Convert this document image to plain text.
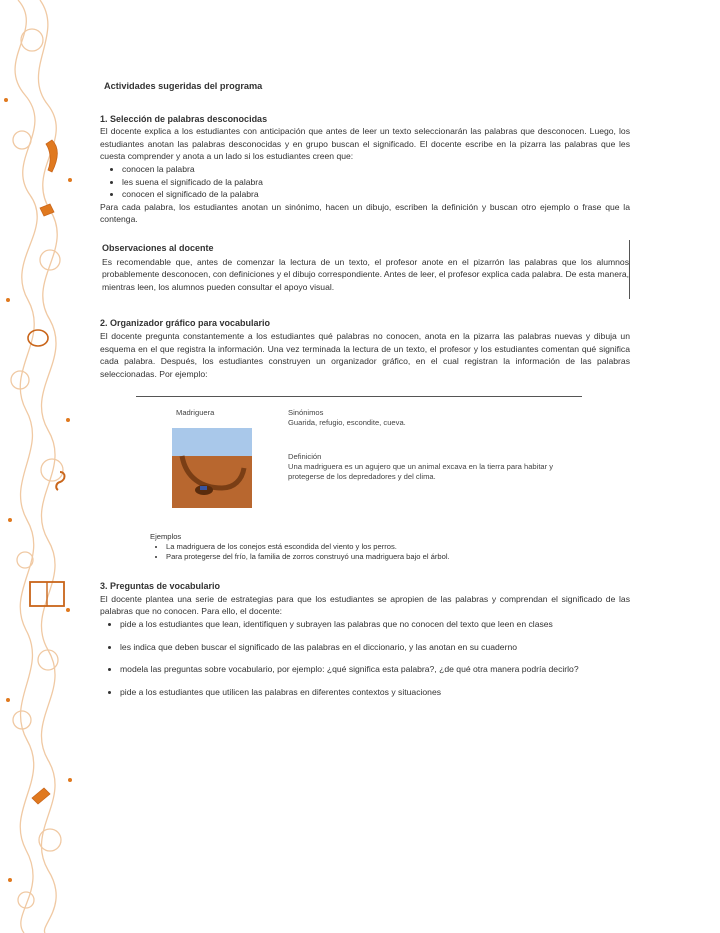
Actividades sugeridas del programa

1. Selección de palabras desconocidas

El docente explica a los estudiantes con anticipación que antes de leer un texto seleccionarán las palabras que desconocen. Luego, los estudiantes anotan las palabras desconocidas y en grupo buscan el significado. El docente escribe en la pizarra las palabras que les cuesta comprender y anota a un lado si los estudiantes creen que:

• conocen la palabra
• les suena el significado de la palabra
• conocen el significado de la palabra

Para cada palabra, los estudiantes anotan un sinónimo, hacen un dibujo, escriben la definición y buscan otro ejemplo o frase que la contenga.

Observaciones al docente

Es recomendable que, antes de comenzar la lectura de un texto, el profesor anote en el pizarrón las palabras que los alumnos probablemente desconocen, con definiciones y el dibujo correspondiente. Antes de leer, el profesor explica cada palabra. De esta manera, mientras leen, los alumnos pueden consultar el apoyo visual.

2. Organizador gráfico para vocabulario

El docente pregunta constantemente a los estudiantes qué palabras no conocen, anota en la pizarra las palabras nuevas y dibuja un esquema en el que registra la información. Una vez terminada la lectura de un texto, el profesor y los estudiantes comentan qué significa cada palabra. Después, los estudiantes construyen un organizador gráfico, en el cual registran la información de las palabras seleccionadas. Por ejemplo:

Madriguera	Sinónimos
Guarida, refugio, escondite, cueva.
Definición
Una madriguera es un agujero que un animal excava en la tierra para habitar y protegerse de los depredadores y del clima.
Ejemplos
• La madriguera de los conejos está escondida del viento y los perros.
• Para protegerse del frío, la familia de zorros construyó una madriguera bajo el árbol.

3. Preguntas de vocabulario

El docente plantea una serie de estrategias para que los estudiantes se apropien de las palabras y comprendan el significado de las palabras que no conocen. Para ello, el docente:

• pide a los estudiantes que lean, identifiquen y subrayen las palabras que no conocen del texto que leen en clases
• les indica que deben buscar el significado de las palabras en el diccionario, y las anotan en su cuaderno
• modela las preguntas sobre vocabulario, por ejemplo: ¿qué significa esta palabra?, ¿de qué otra manera podría decirlo?
• pide a los estudiantes que utilicen las palabras en diferentes contextos y situaciones
